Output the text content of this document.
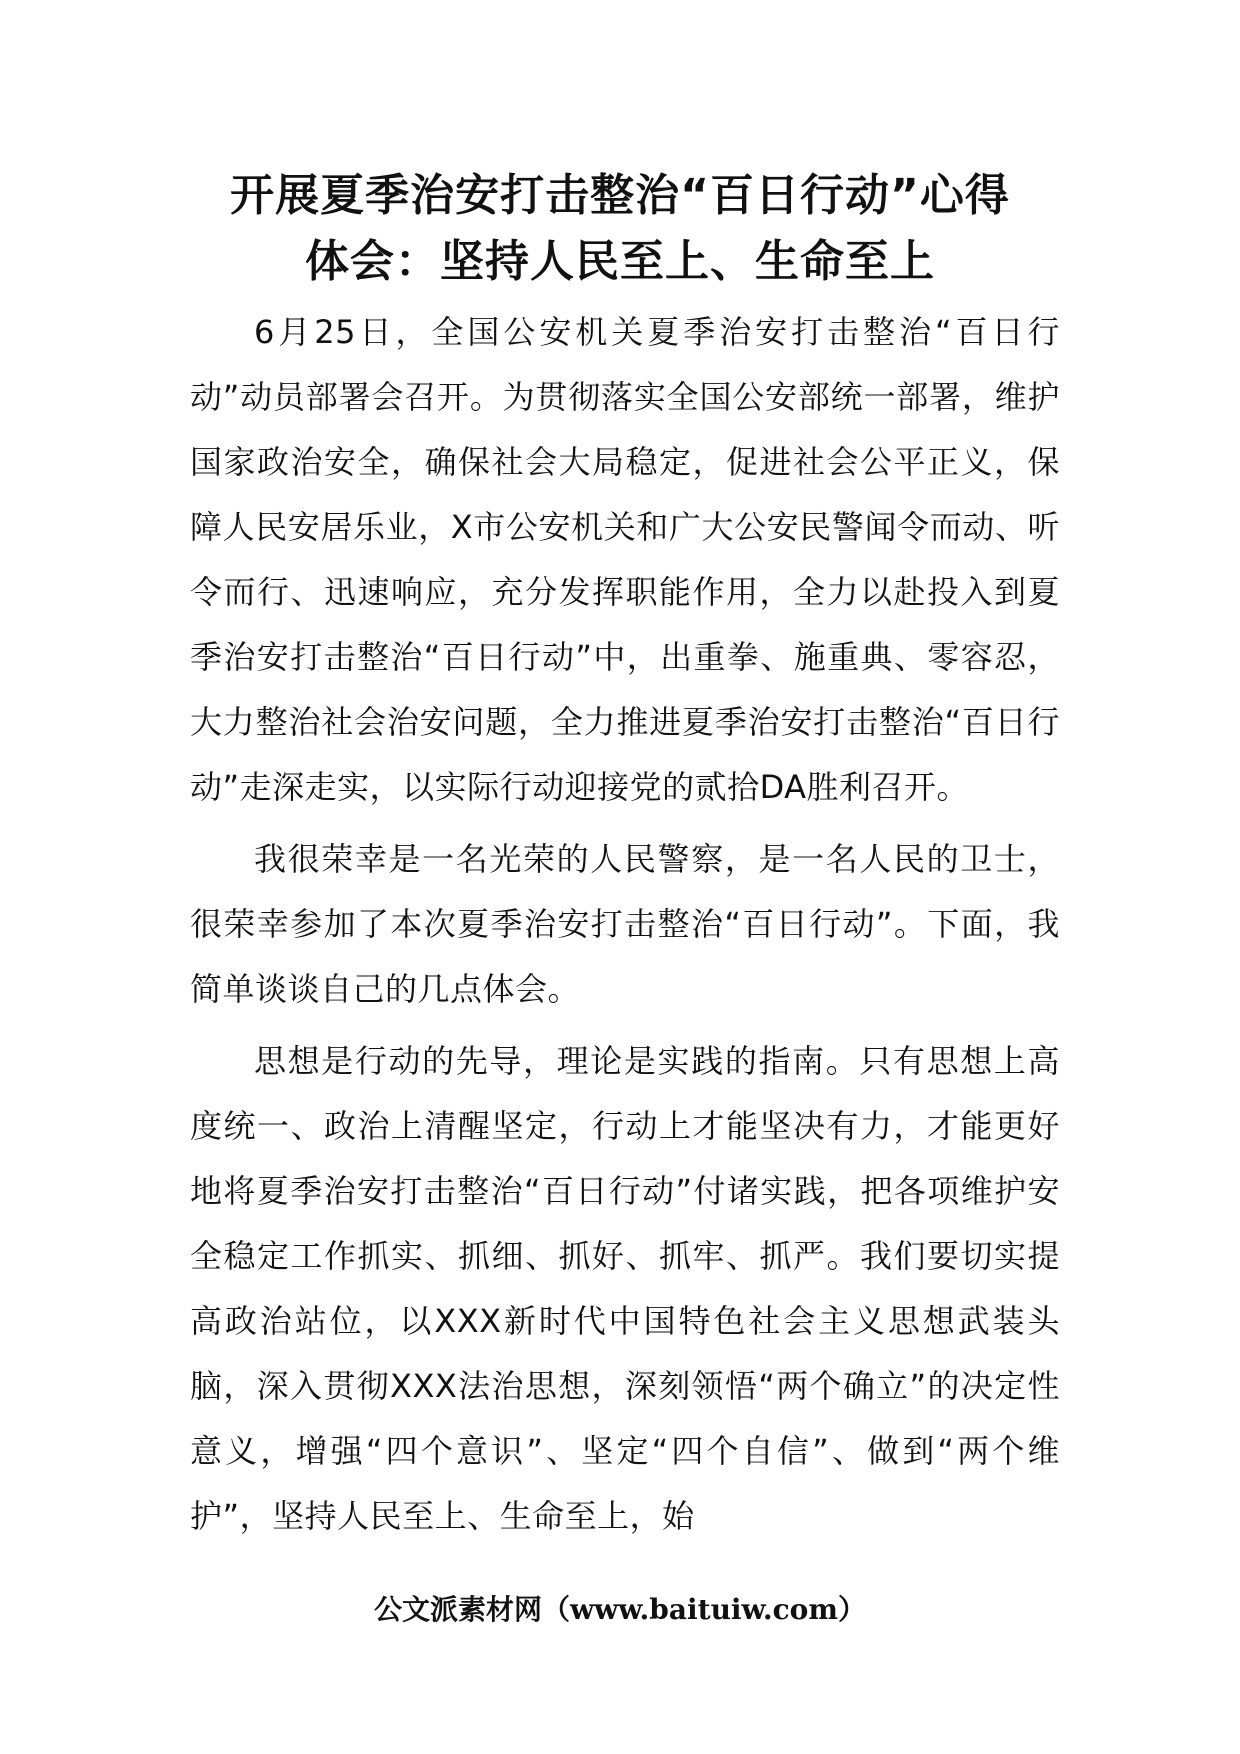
开展夏季治安打击整治“百日行动”心得
体会：坚持人民至上、生命至上

6月25日，全国公安机关夏季治安打击整治“百日行动”动员部署会召开。为贯彻落实全国公安部统一部署，维护国家政治安全，确保社会大局稳定，促进社会公平正义，保障人民安居乐业，X市公安机关和广大公安民警闻令而动、听令而行、迅速响应，充分发挥职能作用，全力以赴投入到夏季治安打击整治“百日行动”中，出重拳、施重典、零容忍，大力整治社会治安问题，全力推进夏季治安打击整治“百日行动”走深走实，以实际行动迎接党的贰拾DA胜利召开。

我很荣幸是一名光荣的人民警察，是一名人民的卫士，很荣幸参加了本次夏季治安打击整治“百日行动”。下面，我简单谈谈自己的几点体会。

思想是行动的先导，理论是实践的指南。只有思想上高度统一、政治上清醒坚定，行动上才能坚决有力，才能更好地将夏季治安打击整治“百日行动”付诸实践，把各项维护安全稳定工作抓实、抓细、抓好、抓牢、抓严。我们要切实提高政治站位，以XXX新时代中国特色社会主义思想武装头脑，深入贯彻XXX法治思想，深刻领悟“两个确立”的决定性意义，增强“四个意识”、坚定“四个自信”、做到“两个维护”，坚持人民至上、生命至上，始

公文派素材网（www.baituiw.com）
